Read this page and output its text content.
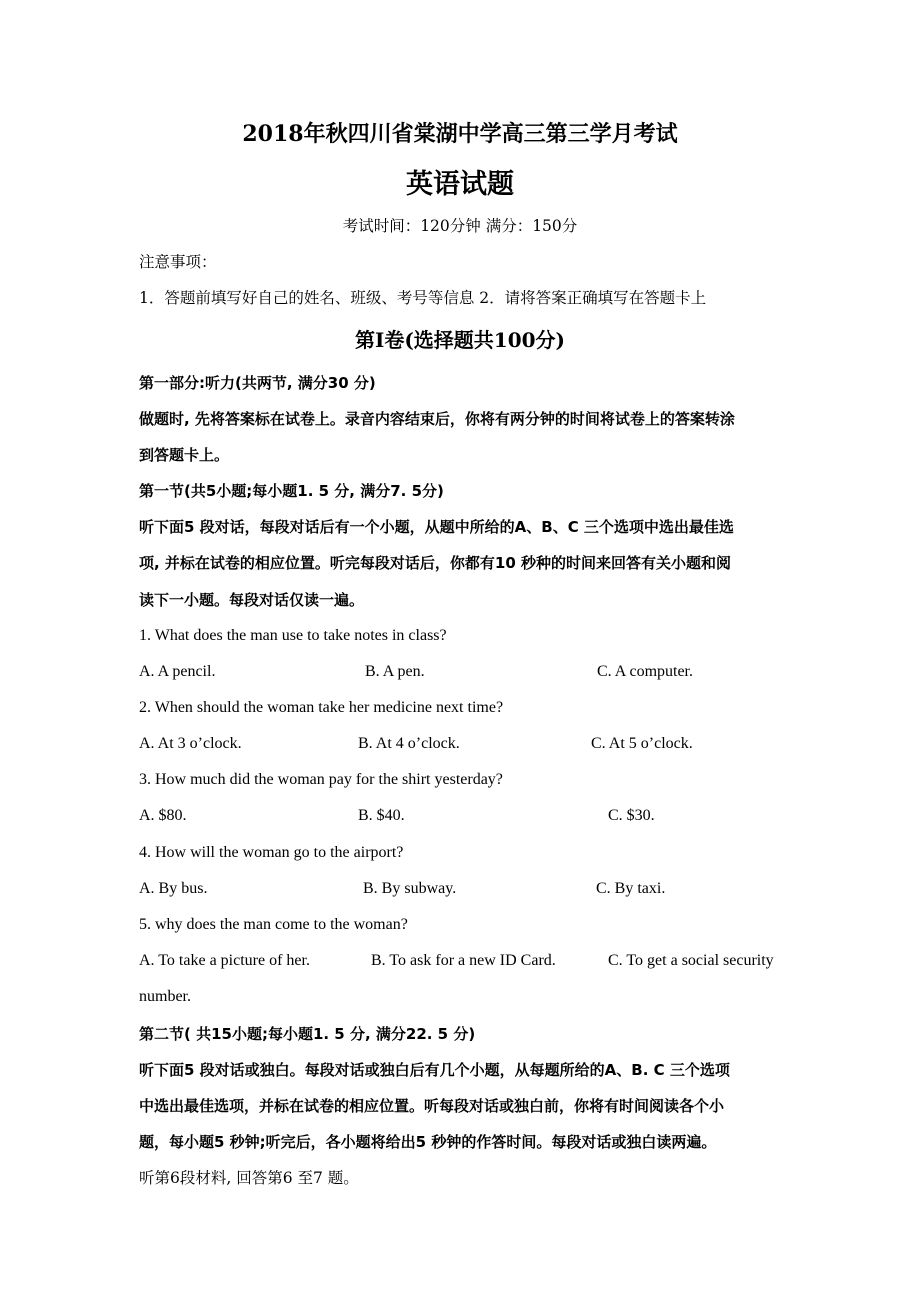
2018年秋四川省棠湖中学高三第三学月考试
英语试题
考试时间：120分钟 满分：150分
注意事项：
1．答题前填写好自己的姓名、班级、考号等信息 2．请将答案正确填写在答题卡上
第I卷(选择题共100分)
第一部分:听力(共两节, 满分30 分)
做题时, 先将答案标在试卷上。录音内容结束后，你将有两分钟的时间将试卷上的答案转涂
到答题卡上。
第一节(共5小题;每小题1. 5 分, 满分7. 5分)
听下面5 段对话，每段对话后有一个小题，从题中所给的A、B、C 三个选项中选出最佳选
项, 并标在试卷的相应位置。听完每段对话后，你都有10 秒种的时间来回答有关小题和阅
读下一小题。每段对话仅读一遍。
1. What does the man use to take notes in class?
A. A pencil.	B. A pen.	C. A computer.
2. When should the woman take her medicine next time?
A. At 3 o’clock.	B. At 4 o’clock.	C. At 5 o’clock.
3. How much did the woman pay for the shirt yesterday?
A. $80.	B. $40.	C. $30.
4. How will the woman go to the airport?
A. By bus.	B. By subway.	C. By taxi.
5. why does the man come to the woman?
A. To take a picture of her.	B. To ask for a new ID Card.	C. To get a social security
number.
第二节( 共15小题;每小题1. 5 分, 满分22. 5 分)
听下面5 段对话或独白。每段对话或独白后有几个小题，从每题所给的A、B. C 三个选项
中选出最佳选项，并标在试卷的相应位置。听每段对话或独白前，你将有时间阅读各个小
题，每小题5 秒钟;听完后，各小题将给出5 秒钟的作答时间。每段对话或独白读两遍。
听第6段材料, 回答第6 至7 题。
